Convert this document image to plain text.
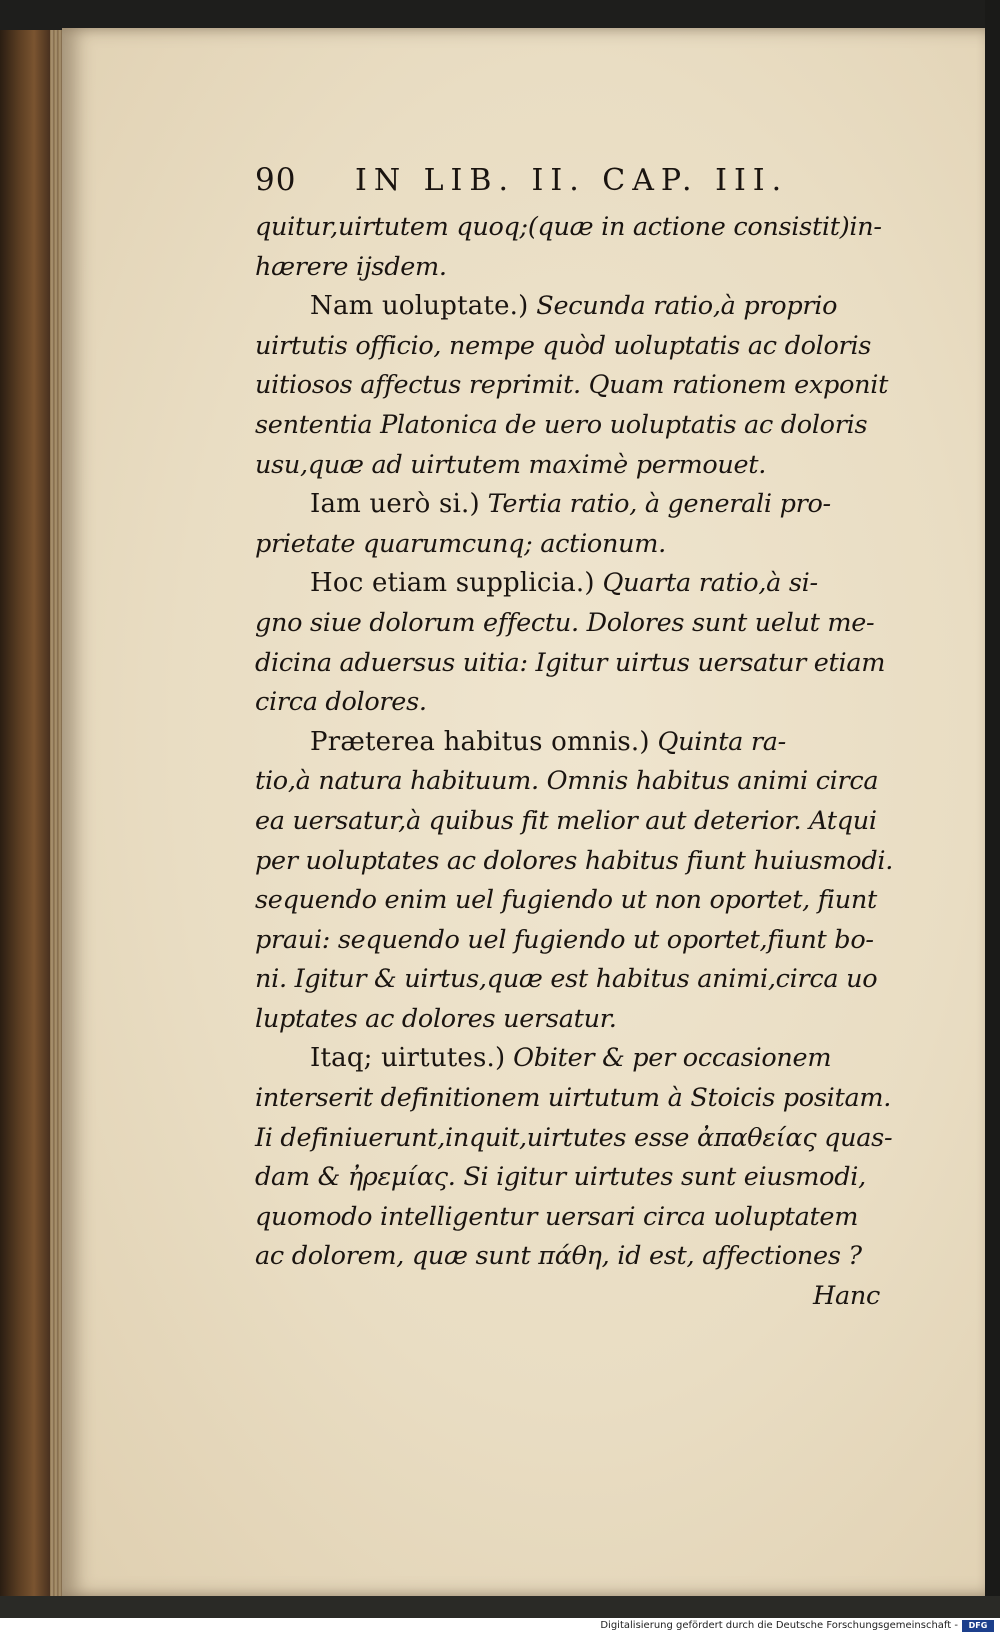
90	IN LIB. II. CAP. III.
quitur,uirtutem quoq;(quæ in actione consistit)in-
hærere ijsdem.
Nam uoluptate.) Secunda ratio,à proprio
uirtutis officio, nempe quòd uoluptatis ac doloris
uitiosos affectus reprimit. Quam rationem exponit
sententia Platonica de uero uoluptatis ac doloris
usu,quæ ad uirtutem maximè permouet.
Iam uerò si.) Tertia ratio, à generali pro-
prietate quarumcunq; actionum.
Hoc etiam supplicia.) Quarta ratio,à si-
gno siue dolorum effectu. Dolores sunt uelut me-
dicina aduersus uitia: Igitur uirtus uersatur etiam
circa dolores.
Præterea habitus omnis.) Quinta ra-
tio,à natura habituum. Omnis habitus animi circa
ea uersatur,à quibus fit melior aut deterior. Atqui
per uoluptates ac dolores habitus fiunt huiusmodi.
sequendo enim uel fugiendo ut non oportet, fiunt
praui: sequendo uel fugiendo ut oportet,fiunt bo-
ni. Igitur & uirtus,quæ est habitus animi,circa uo
luptates ac dolores uersatur.
Itaq; uirtutes.) Obiter & per occasionem
interserit definitionem uirtutum à Stoicis positam.
Ii definiuerunt,inquit,uirtutes esse ἀπαθείας quas-
dam & ἠρεμίας. Si igitur uirtutes sunt eiusmodi,
quomodo intelligentur uersari circa uoluptatem
ac dolorem, quæ sunt πάθη, id est, affectiones ?
Hanc
Digitalisierung gefördert durch die Deutsche Forschungsgemeinschaft -	DFG
